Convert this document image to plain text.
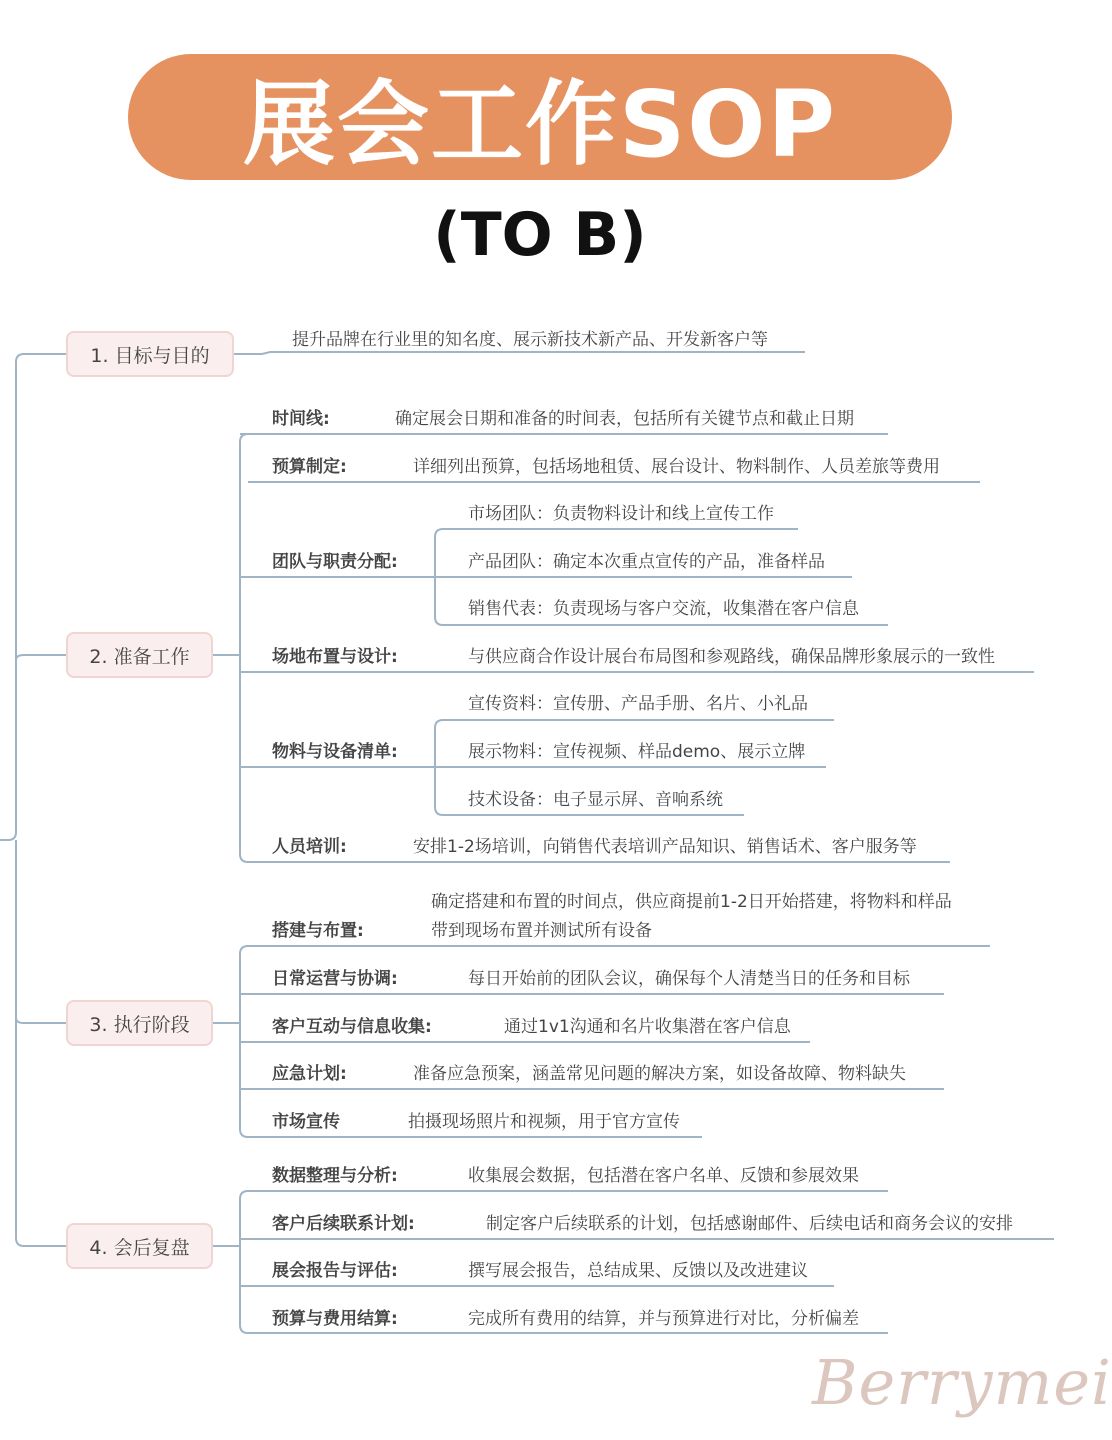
展会工作SOP
(TO B)
1. 目标与目的
2. 准备工作
3. 执行阶段
4. 会后复盘
提升品牌在行业里的知名度、展示新技术新产品、开发新客户等
时间线:	确定展会日期和准备的时间表，包括所有关键节点和截止日期
预算制定:	详细列出预算，包括场地租赁、展台设计、物料制作、人员差旅等费用
团队与职责分配:
市场团队：负责物料设计和线上宣传工作
产品团队：确定本次重点宣传的产品，准备样品
销售代表：负责现场与客户交流，收集潜在客户信息
场地布置与设计:	与供应商合作设计展台布局图和参观路线，确保品牌形象展示的一致性
物料与设备清单:
宣传资料：宣传册、产品手册、名片、小礼品
展示物料：宣传视频、样品demo、展示立牌
技术设备：电子显示屏、音响系统
人员培训:	安排1-2场培训，向销售代表培训产品知识、销售话术、客户服务等
搭建与布置:
确定搭建和布置的时间点，供应商提前1-2日开始搭建，将物料和样品
带到现场布置并测试所有设备
日常运营与协调:	每日开始前的团队会议，确保每个人清楚当日的任务和目标
客户互动与信息收集:	通过1v1沟通和名片收集潜在客户信息
应急计划:	准备应急预案，涵盖常见问题的解决方案，如设备故障、物料缺失
市场宣传	拍摄现场照片和视频，用于官方宣传
数据整理与分析:	收集展会数据，包括潜在客户名单、反馈和参展效果
客户后续联系计划:	制定客户后续联系的计划，包括感谢邮件、后续电话和商务会议的安排
展会报告与评估:	撰写展会报告，总结成果、反馈以及改进建议
预算与费用结算:	完成所有费用的结算，并与预算进行对比，分析偏差
Berrymei
